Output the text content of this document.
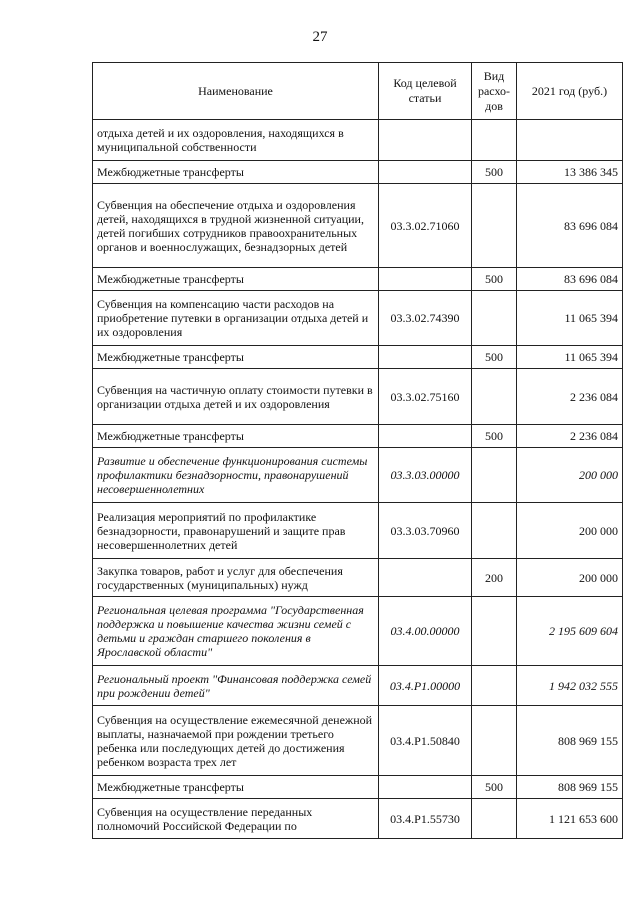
27
Наименование	Код целевой статьи	Вид расхо-дов	2021 год (руб.)
отдыха детей и их оздоровления, находящихся в муниципальной собственности			
Межбюджетные трансферты		500	13 386 345
Субвенция на обеспечение отдыха и оздоровления детей, находящихся в трудной жизненной ситуации, детей погибших сотрудников правоохранительных органов и военнослужащих, безнадзорных детей	03.3.02.71060		83 696 084
Межбюджетные трансферты		500	83 696 084
Субвенция на компенсацию части расходов на приобретение путевки в организации отдыха детей и их оздоровления	03.3.02.74390		11 065 394
Межбюджетные трансферты		500	11 065 394
Субвенция на частичную оплату стоимости путевки в организации отдыха детей и их оздоровления	03.3.02.75160		2 236 084
Межбюджетные трансферты		500	2 236 084
Развитие и обеспечение функционирования системы профилактики безнадзорности, правонарушений несовершеннолетних	03.3.03.00000		200 000
Реализация мероприятий по профилактике безнадзорности, правонарушений и защите прав несовершеннолетних детей	03.3.03.70960		200 000
Закупка товаров, работ и услуг для обеспечения государственных (муниципальных) нужд		200	200 000
Региональная целевая программа "Государственная поддержка и повышение качества жизни семей с детьми и граждан старшего поколения в Ярославской области"	03.4.00.00000		2 195 609 604
Региональный проект "Финансовая поддержка семей при рождении детей"	03.4.P1.00000		1 942 032 555
Субвенция на осуществление ежемесячной денежной выплаты, назначаемой при рождении третьего ребенка или последующих детей до достижения ребенком возраста трех лет	03.4.P1.50840		808 969 155
Межбюджетные трансферты		500	808 969 155
Субвенция на осуществление переданных полномочий Российской Федерации по	03.4.P1.55730		1 121 653 600
